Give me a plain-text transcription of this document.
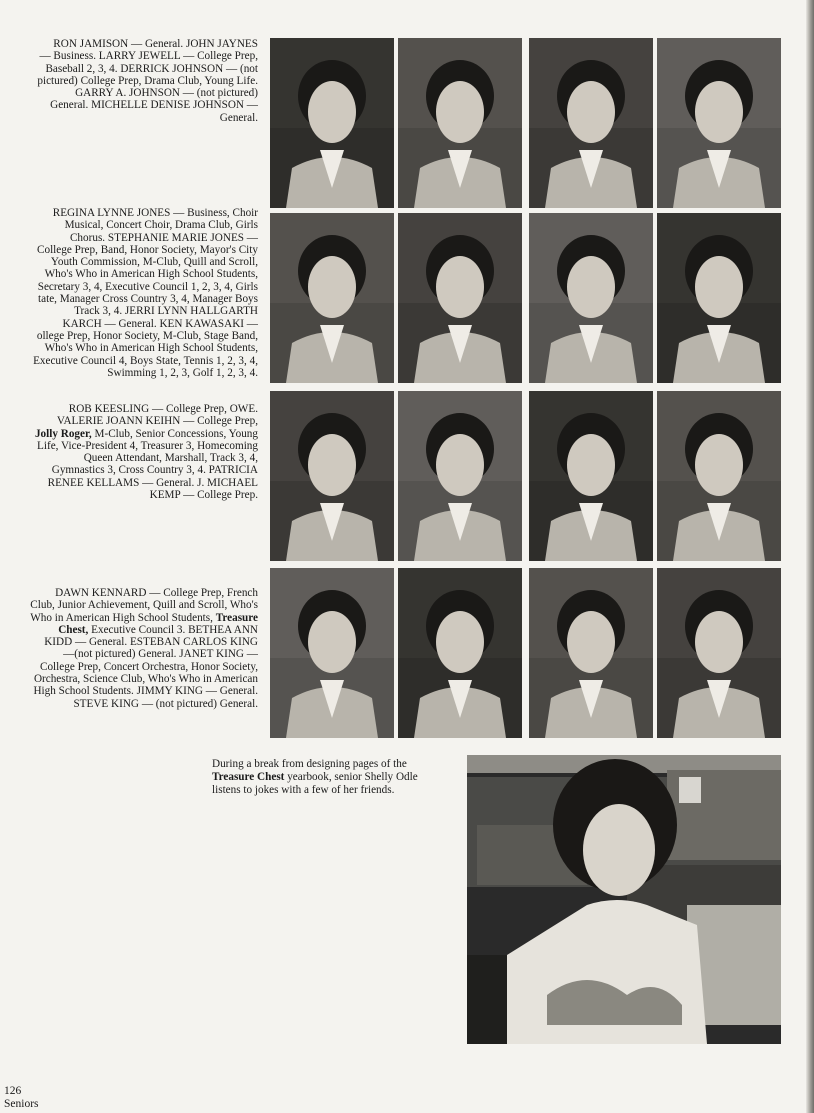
RON JAMISON — General. JOHN JAYNES
— Business. LARRY JEWELL — College Prep,
Baseball 2, 3, 4. DERRICK JOHNSON — (not
pictured) College Prep, Drama Club, Young Life.
GARRY A. JOHNSON — (not pictured)
General. MICHELLE DENISE JOHNSON —
General.

REGINA LYNNE JONES — Business, Choir
Musical, Concert Choir, Drama Club, Girls
Chorus. STEPHANIE MARIE JONES —
College Prep, Band, Honor Society, Mayor's City
Youth Commission, M-Club, Quill and Scroll,
Who's Who in American High School Students,
Secretary 3, 4, Executive Council 1, 2, 3, 4, Girls
tate, Manager Cross Country 3, 4, Manager Boys
Track 3, 4. JERRI LYNN HALLGARTH
KARCH — General. KEN KAWASAKI —
ollege Prep, Honor Society, M-Club, Stage Band,
Who's Who in American High School Students,
Executive Council 4, Boys State, Tennis 1, 2, 3, 4,
Swimming 1, 2, 3, Golf 1, 2, 3, 4.

ROB KEESLING — College Prep, OWE.
VALERIE JOANN KEIHN — College Prep,
Jolly Roger, M-Club, Senior Concessions, Young
Life, Vice-President 4, Treasurer 3, Homecoming
Queen Attendant, Marshall, Track 3, 4,
Gymnastics 3, Cross Country 3, 4. PATRICIA
RENEE KELLAMS — General. J. MICHAEL
KEMP — College Prep.

DAWN KENNARD — College Prep, French
Club, Junior Achievement, Quill and Scroll, Who's
Who in American High School Students, Treasure
Chest, Executive Council 3. BETHEA ANN
KIDD — General. ESTEBAN CARLOS KING
—(not pictured) General. JANET KING —
College Prep, Concert Orchestra, Honor Society,
Orchestra, Science Club, Who's Who in American
High School Students. JIMMY KING — General.
STEVE KING — (not pictured) General.

During a break from designing pages of the
Treasure Chest yearbook, senior Shelly Odle
listens to jokes with a few of her friends.

126
Seniors
